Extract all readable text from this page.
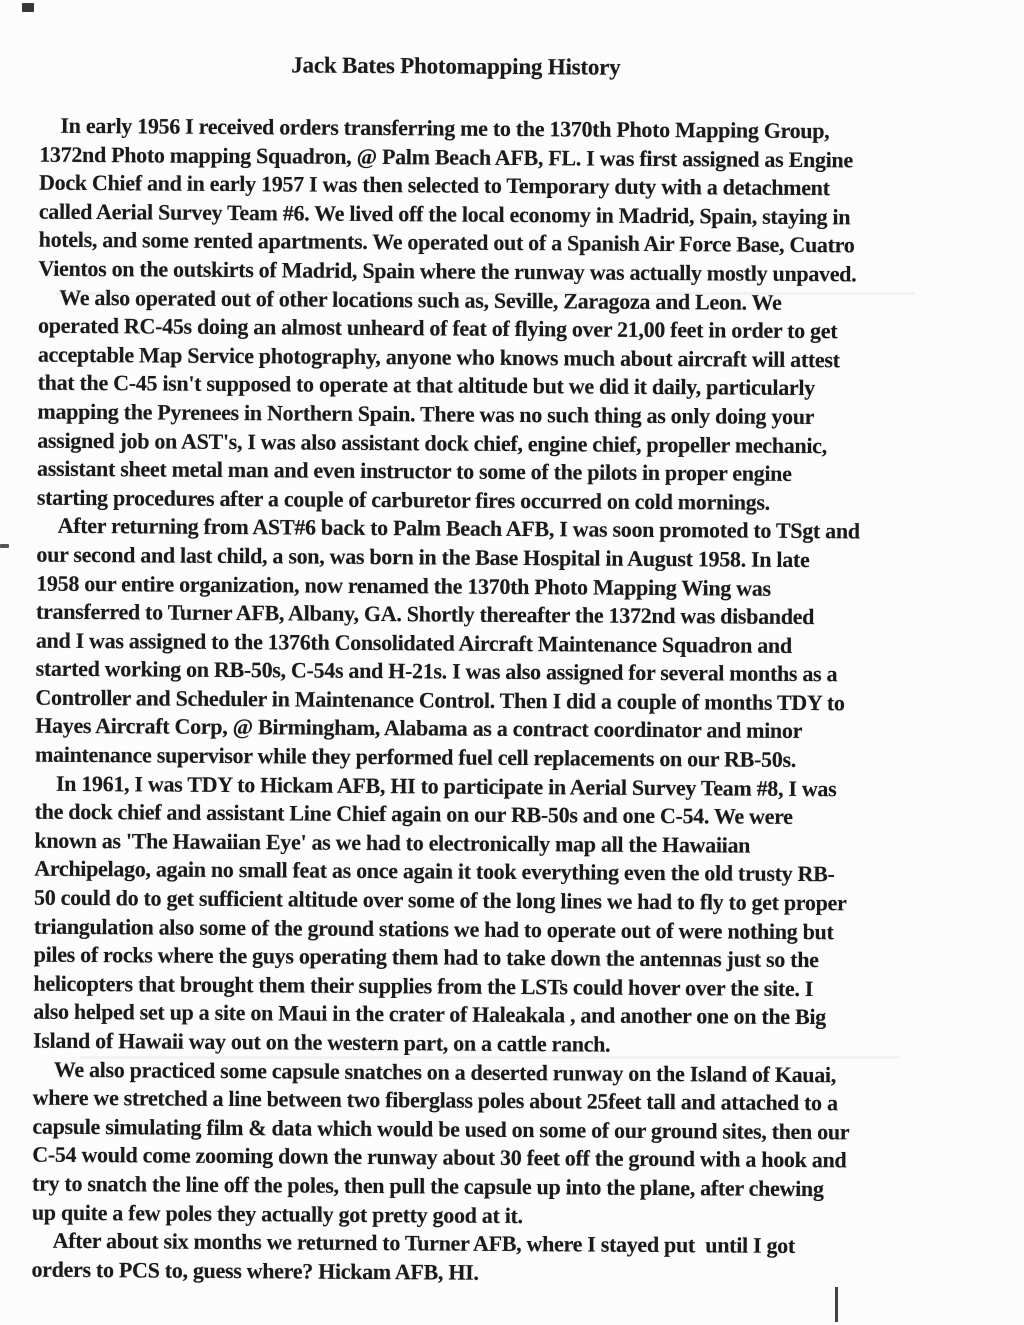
Jack Bates Photomapping History
In early 1956 I received orders transferring me to the 1370th Photo Mapping Group,
1372nd Photo mapping Squadron, @ Palm Beach AFB, FL. I was first assigned as Engine
Dock Chief and in early 1957 I was then selected to Temporary duty with a detachment
called Aerial Survey Team #6. We lived off the local economy in Madrid, Spain, staying in
hotels, and some rented apartments. We operated out of a Spanish Air Force Base, Cuatro
Vientos on the outskirts of Madrid, Spain where the runway was actually mostly unpaved.
We also operated out of other locations such as, Seville, Zaragoza and Leon. We
operated RC-45s doing an almost unheard of feat of flying over 21,00 feet in order to get
acceptable Map Service photography, anyone who knows much about aircraft will attest
that the C-45 isn't supposed to operate at that altitude but we did it daily, particularly
mapping the Pyrenees in Northern Spain. There was no such thing as only doing your
assigned job on AST's, I was also assistant dock chief, engine chief, propeller mechanic,
assistant sheet metal man and even instructor to some of the pilots in proper engine
starting procedures after a couple of carburetor fires occurred on cold mornings.
After returning from AST#6 back to Palm Beach AFB, I was soon promoted to TSgt and
our second and last child, a son, was born in the Base Hospital in August 1958. In late
1958 our entire organization, now renamed the 1370th Photo Mapping Wing was
transferred to Turner AFB, Albany, GA. Shortly thereafter the 1372nd was disbanded
and I was assigned to the 1376th Consolidated Aircraft Maintenance Squadron and
started working on RB-50s, C-54s and H-21s. I was also assigned for several months as a
Controller and Scheduler in Maintenance Control. Then I did a couple of months TDY to
Hayes Aircraft Corp, @ Birmingham, Alabama as a contract coordinator and minor
maintenance supervisor while they performed fuel cell replacements on our RB-50s.
In 1961, I was TDY to Hickam AFB, HI to participate in Aerial Survey Team #8, I was
the dock chief and assistant Line Chief again on our RB-50s and one C-54. We were
known as 'The Hawaiian Eye' as we had to electronically map all the Hawaiian
Archipelago, again no small feat as once again it took everything even the old trusty RB-
50 could do to get sufficient altitude over some of the long lines we had to fly to get proper
triangulation also some of the ground stations we had to operate out of were nothing but
piles of rocks where the guys operating them had to take down the antennas just so the
helicopters that brought them their supplies from the LSTs could hover over the site. I
also helped set up a site on Maui in the crater of Haleakala , and another one on the Big
Island of Hawaii way out on the western part, on a cattle ranch.
We also practiced some capsule snatches on a deserted runway on the Island of Kauai,
where we stretched a line between two fiberglass poles about 25feet tall and attached to a
capsule simulating film & data which would be used on some of our ground sites, then our
C-54 would come zooming down the runway about 30 feet off the ground with a hook and
try to snatch the line off the poles, then pull the capsule up into the plane, after chewing
up quite a few poles they actually got pretty good at it.
After about six months we returned to Turner AFB, where I stayed put  until I got
orders to PCS to, guess where? Hickam AFB, HI.
